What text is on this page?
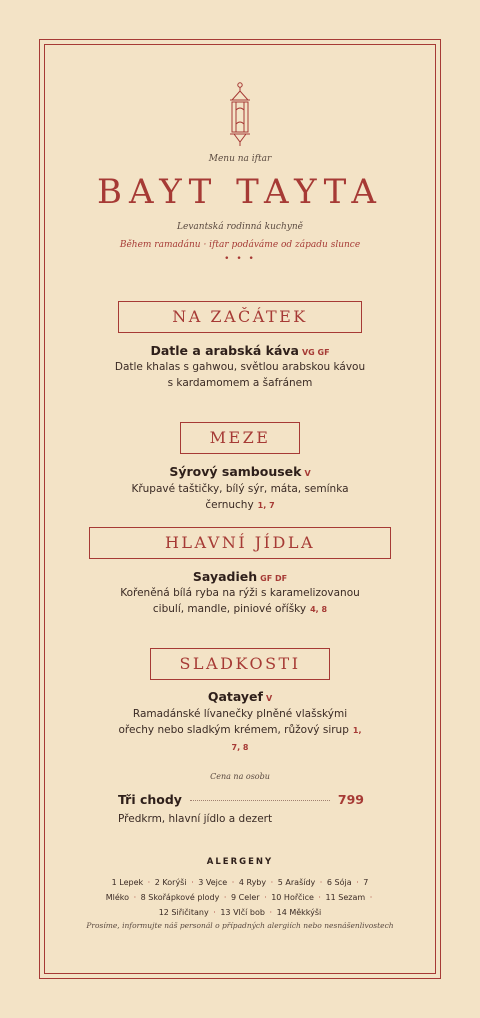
Menu na iftar
BAYT TAYTA
Levantská rodinná kuchyně
Během ramadánu · iftar podáváme od západu slunce
• • •
NA ZAČÁTEK
Datle a arabská káva VG GF
Datle khalas s gahwou, světlou arabskou kávou s kardamomem a šafránem
MEZE
Sýrový sambousek V
Křupavé taštičky, bílý sýr, máta, semínka černuchy 1, 7
HLAVNÍ JÍDLA
Sayadieh GF DF
Kořeněná bílá ryba na rýži s karamelizovanou cibulí, mandle, piniové oříšky 4, 8
SLADKOSTI
Qatayef V
Ramadánské lívanečky plněné vlašskými ořechy nebo sladkým krémem, růžový sirup 1, 7, 8
Cena na osobu
Tři chody	799
Předkrm, hlavní jídlo a dezert
ALERGENY
1 Lepek · 2 Korýši · 3 Vejce · 4 Ryby · 5 Arašídy · 6 Sója · 7 Mléko · 8 Skořápkové plody · 9 Celer · 10 Hořčice · 11 Sezam · 12 Siřičitany · 13 Vlčí bob · 14 Měkkýši
Prosíme, informujte náš personál o případných alergiích nebo nesnášenlivostech
